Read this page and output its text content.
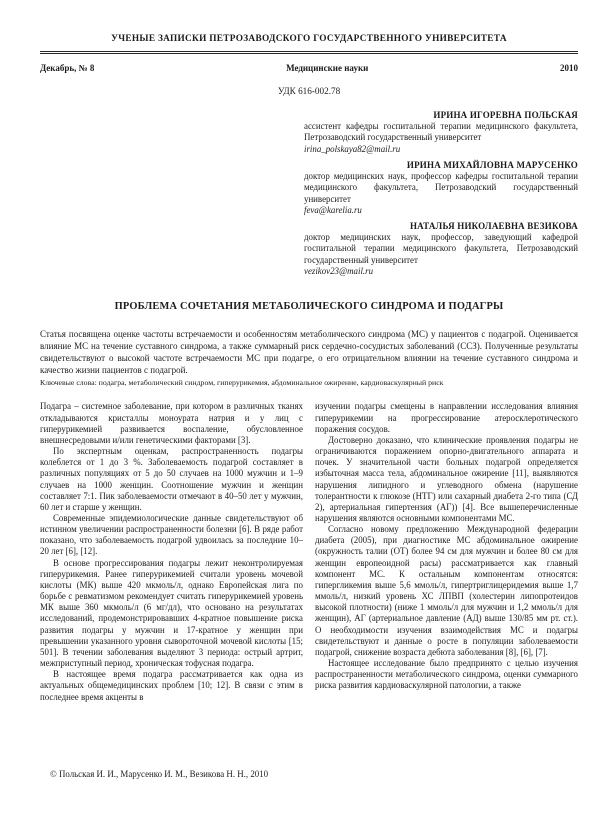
УЧЕНЫЕ ЗАПИСКИ ПЕТРОЗАВОДСКОГО ГОСУДАРСТВЕННОГО УНИВЕРСИТЕТА
Декабрь, № 8	Медицинские науки	2010
УДК 616-002.78
ИРИНА ИГОРЕВНА ПОЛЬСКАЯ
ассистент кафедры госпитальной терапии медицинского факультета, Петрозаводский государственный университет
irina_polskaya82@mail.ru
ИРИНА МИХАЙЛОВНА МАРУСЕНКО
доктор медицинских наук, профессор кафедры госпитальной терапии медицинского факультета, Петрозаводский государственный университет
feva@karelia.ru
НАТАЛЬЯ НИКОЛАЕВНА ВЕЗИКОВА
доктор медицинских наук, профессор, заведующий кафедрой госпитальной терапии медицинского факультета, Петрозаводский государственный университет
vezikov23@mail.ru
ПРОБЛЕМА СОЧЕТАНИЯ МЕТАБОЛИЧЕСКОГО СИНДРОМА И ПОДАГРЫ

Статья посвящена оценке частоты встречаемости и особенностям метаболического синдрома (МС) у пациентов с подагрой. Оценивается влияние МС на течение суставного синдрома, а также суммарный риск сердечно-сосудистых заболеваний (ССЗ). Полученные результаты свидетельствуют о высокой частоте встречаемости МС при подагре, о его отрицательном влиянии на течение суставного синдрома и качество жизни пациентов с подагрой.

Ключевые слова: подагра, метаболический синдром, гиперурикемия, абдоминальное ожирение, кардиоваскулярный риск

Подагра – системное заболевание, при котором в различных тканях откладываются кристаллы моноурата натрия и у лиц с гиперурикемией развивается воспаление, обусловленное внешнесредовыми и/или генетическими факторами [3].

По экспертным оценкам, распространенность подагры колеблется от 1 до 3 %. Заболеваемость подагрой составляет в различных популяциях от 5 до 50 случаев на 1000 мужчин и 1–9 случаев на 1000 женщин. Соотношение мужчин и женщин составляет 7:1. Пик заболеваемости отмечают в 40–50 лет у мужчин, 60 лет и старше у женщин.

Современные эпидемиологические данные свидетельствуют об истинном увеличении распространенности болезни [6]. В ряде работ показано, что заболеваемость подагрой удвоилась за последние 10–20 лет [6], [12].

В основе прогрессирования подагры лежит неконтролируемая гиперурикемия. Ранее гиперурикемией считали уровень мочевой кислоты (МК) выше 420 мкмоль/л, однако Европейская лига по борьбе с ревматизмом рекомендует считать гиперурикемией уровень МК выше 360 мкмоль/л (6 мг/дл), что основано на результатах исследований, продемонстрировавших 4-кратное повышение риска развития подагры у мужчин и 17-кратное у женщин при превышении указанного уровня сывороточной мочевой кислоты [15; 501]. В течении заболевания выделяют 3 периода: острый артрит, межприступный период, хроническая тофусная подагра.

В настоящее время подагра рассматривается как одна из актуальных общемедицинских проблем [10; 12]. В связи с этим в последнее время акценты в

изучении подагры смещены в направлении исследования влияния гиперурикемии на прогрессирование атеросклеротического поражения сосудов.

Достоверно доказано, что клинические проявления подагры не ограничиваются поражением опорно-двигательного аппарата и почек. У значительной части больных подагрой определяется избыточная масса тела, абдоминальное ожирение [11], выявляются нарушения липидного и углеводного обмена (нарушение толерантности к глюкозе (НТГ) или сахарный диабета 2-го типа (СД 2), артериальная гипертензия (АГ)) [4]. Все вышеперечисленные нарушения являются основными компонентами МС.

Согласно новому предложению Международной федерации диабета (2005), при диагностике МС абдоминальное ожирение (окружность талии (ОТ) более 94 см для мужчин и более 80 см для женщин европеоидной расы) рассматривается как главный компонент МС. К остальным компонентам относятся: гипергликемия выше 5,6 ммоль/л, гипертриглицеридемия выше 1,7 ммоль/л, низкий уровень ХС ЛПВП (холестерин липопротеидов высокой плотности) (ниже 1 ммоль/л для мужчин и 1,2 ммоль/л для женщин), АГ (артериальное давление (АД) выше 130/85 мм рт. ст.). О необходимости изучения взаимодействия МС и подагры свидетельствуют и данные о росте в популяции заболеваемости подагрой, снижение возраста дебюта заболевания [8], [6], [7].

Настоящее исследование было предпринято с целью изучения распространенности метаболического синдрома, оценки суммарного риска развития кардиоваскулярной патологии, а также

© Польская И. И., Марусенко И. М., Везикова Н. Н., 2010
